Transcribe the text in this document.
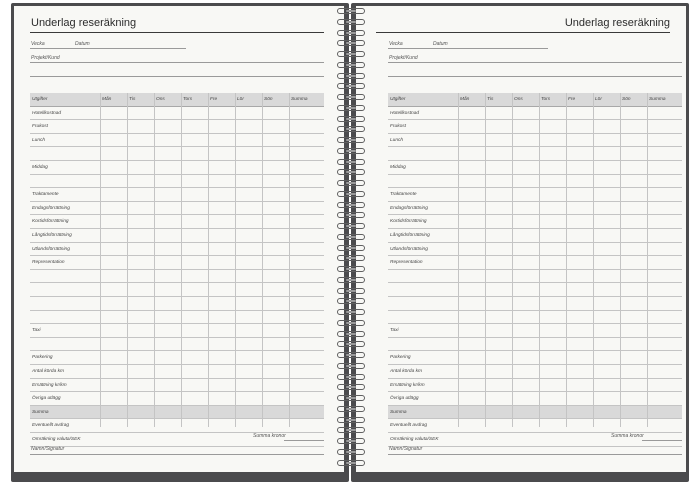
Underlag reseräkning
Vecka	Datum
Projekt/Kund
Utgifter	Mån	Tis	Ons	Tors	Fre	Lör	Sön	Summa
Hotellkostnad
Frukost
Lunch
Middag
Traktamente
Endagsförrättning
Kortidsförrättning
Långtidsförrättning
Utlandsförrättning
Representation
Taxi
Parkering
Antal körda km
Ersättning kr/km
Övriga utlägg
Summa
Eventuellt avdrag
Omräkning valuta/SEK
Summa kronor
Namn/Signatur
Underlag reseräkning
Vecka	Datum
Projekt/Kund
Utgifter	Mån	Tis	Ons	Tors	Fre	Lör	Sön	Summa
Hotellkostnad
Frukost
Lunch
Middag
Traktamente
Endagsförrättning
Kortidsförrättning
Långtidsförrättning
Utlandsförrättning
Representation
Taxi
Parkering
Antal körda km
Ersättning kr/km
Övriga utlägg
Summa
Eventuellt avdrag
Omräkning valuta/SEK
Summa kronor
Namn/Signatur
